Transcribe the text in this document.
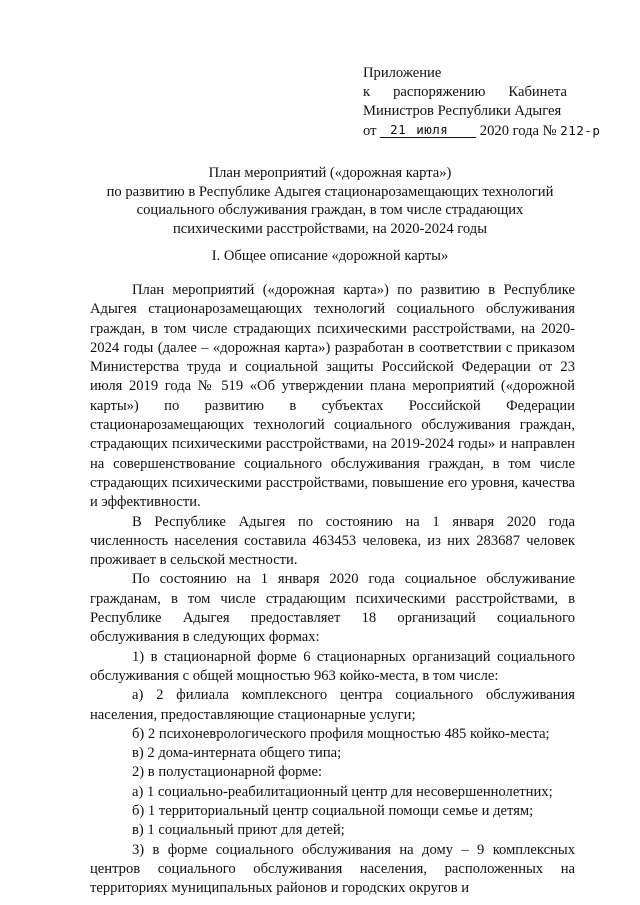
Приложение
к распоряжению Кабинета
Министров Республики Адыгея
от 21 июля 2020 года № 212-р
План мероприятий («дорожная карта»)
по развитию в Республике Адыгея стационарозамещающих технологий
социального обслуживания граждан, в том числе страдающих
психическими расстройствами, на 2020-2024 годы
I. Общее описание «дорожной карты»

План мероприятий («дорожная карта») по развитию в Республике Адыгея стационарозамещающих технологий социального обслуживания граждан, в том числе страдающих психическими расстройствами, на 2020-2024 годы (далее – «дорожная карта») разработан в соответствии с приказом Министерства труда и социальной защиты Российской Федерации от 23 июля 2019 года № 519 «Об утверждении плана мероприятий («дорожной карты») по развитию в субъектах Российской Федерации стационарозамещающих технологий социального обслуживания граждан, страдающих психическими расстройствами, на 2019-2024 годы» и направлен на совершенствование социального обслуживания граждан, в том числе страдающих психическими расстройствами, повышение его уровня, качества и эффективности.

В Республике Адыгея по состоянию на 1 января 2020 года численность населения составила 463453 человека, из них 283687 человек проживает в сельской местности.

По состоянию на 1 января 2020 года социальное обслуживание гражданам, в том числе страдающим психическими расстройствами, в Республике Адыгея предоставляет 18 организаций социального обслуживания в следующих формах:

1) в стационарной форме 6 стационарных организаций социального обслуживания с общей мощностью 963 койко-места, в том числе:

а) 2 филиала комплексного центра социального обслуживания населения, предоставляющие стационарные услуги;

б) 2 психоневрологического профиля мощностью 485 койко-места;

в) 2 дома-интерната общего типа;

2) в полустационарной форме:

а) 1 социально-реабилитационный центр для несовершеннолетних;

б) 1 территориальный центр социальной помощи семье и детям;

в) 1 социальный приют для детей;

3) в форме социального обслуживания на дому – 9 комплексных центров социального обслуживания населения, расположенных на территориях муниципальных районов и городских округов и
